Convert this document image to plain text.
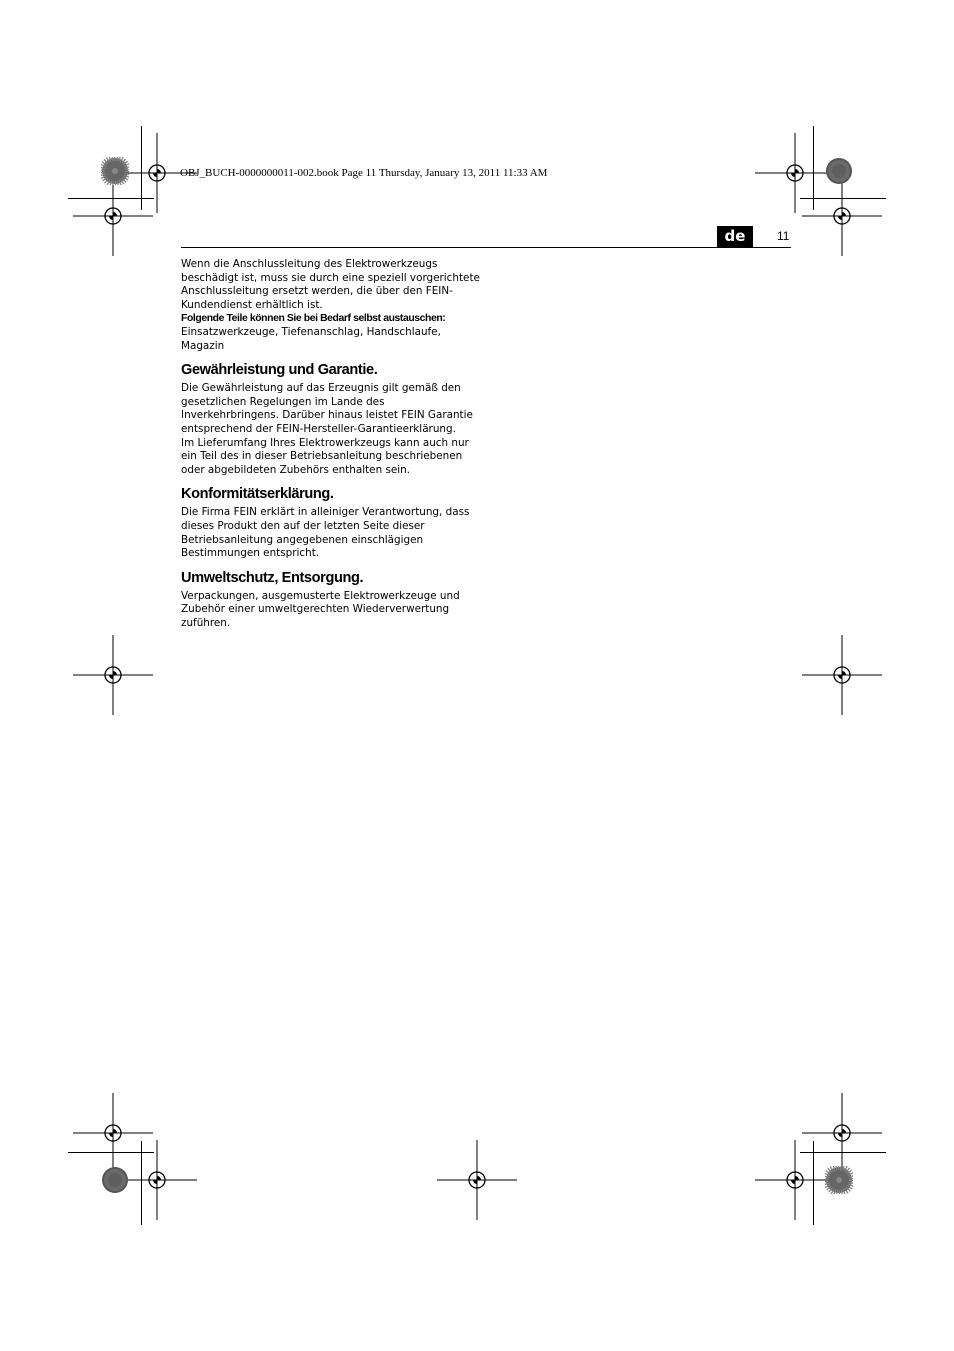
OBJ_BUCH-0000000011-002.book Page 11 Thursday, January 13, 2011 11:33 AM
de	11

Wenn die Anschlussleitung des Elektrowerkzeugs beschädigt ist, muss sie durch eine speziell vorgerichtete Anschlussleitung ersetzt werden, die über den FEIN-Kundendienst erhältlich ist.

Folgende Teile können Sie bei Bedarf selbst austauschen:

Einsatzwerkzeuge, Tiefenanschlag, Handschlaufe, Magazin

Gewährleistung und Garantie.

Die Gewährleistung auf das Erzeugnis gilt gemäß den gesetzlichen Regelungen im Lande des Inverkehrbringens. Darüber hinaus leistet FEIN Garantie entsprechend der FEIN-Hersteller-Garantieerklärung.

Im Lieferumfang Ihres Elektrowerkzeugs kann auch nur ein Teil des in dieser Betriebsanleitung beschriebenen oder abgebildeten Zubehörs enthalten sein.

Konformitätserklärung.

Die Firma FEIN erklärt in alleiniger Verantwortung, dass dieses Produkt den auf der letzten Seite dieser Betriebsanleitung angegebenen einschlägigen Bestimmungen entspricht.

Umweltschutz, Entsorgung.

Verpackungen, ausgemusterte Elektrowerkzeuge und Zubehör einer umweltgerechten Wiederverwertung zuführen.
